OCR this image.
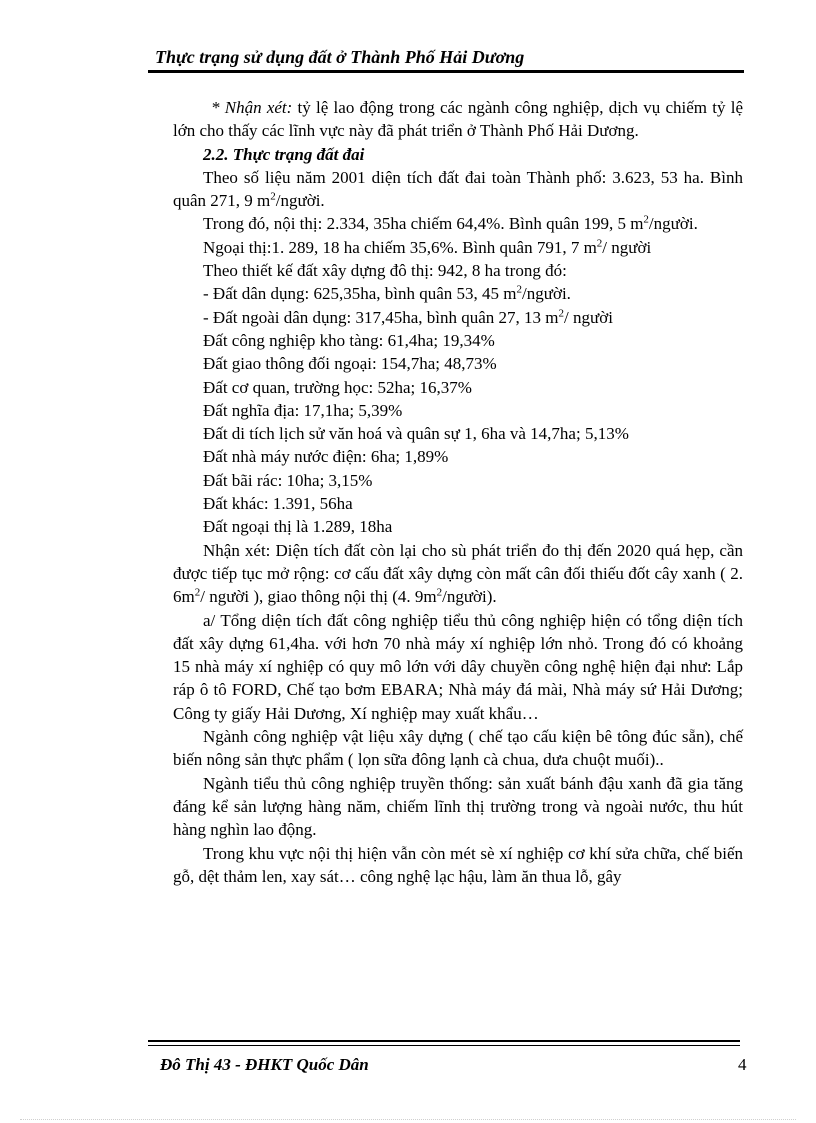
Thực trạng sử dụng đất ở Thành Phố Hải Dương

* Nhận xét: tỷ lệ lao động trong các ngành công nghiệp, dịch vụ chiếm tỷ lệ lớn cho thấy các lĩnh vực này đã phát triển ở Thành Phố Hải Dương.

2.2. Thực trạng đất đai

Theo số liệu năm 2001 diện tích đất đai toàn Thành phố: 3.623, 53 ha. Bình quân 271, 9 $m^2$/người.

Trong đó, nội thị: 2.334, 35ha chiếm 64,4%. Bình quân 199, 5 $m^2$/người.

Ngoại thị:1. 289, 18 ha chiếm 35,6%. Bình quân 791, 7 $m^2/$ người

Theo thiết kế đất xây dựng đô thị: 942, 8 ha trong đó:

- Đất dân dụng: 625,35ha, bình quân 53, 45 $m^2$/người.

- Đất ngoài dân dụng: 317,45ha, bình quân 27, 13 $m^2/$ người

Đất công nghiệp kho tàng: 61,4ha; 19,34%

Đất giao thông đối ngoại: 154,7ha; 48,73%

Đất cơ quan, trường học: 52ha; 16,37%

Đất nghĩa địa: 17,1ha; 5,39%

Đất di tích lịch sử văn hoá và quân sự 1, 6ha và 14,7ha; 5,13%

Đất nhà máy nước điện: 6ha; 1,89%

Đất bãi rác: 10ha; 3,15%

Đất khác: 1.391, 56ha

Đất ngoại thị là 1.289, 18ha

Nhận xét: Diện tích đất còn lại cho sù phát triển đo thị đến 2020 quá hẹp, cần được tiếp tục mở rộng: cơ cấu đất xây dựng còn mất cân đối thiếu đốt cây xanh ( 2. $6m^2/$ người ), giao thông nội thị (4. $9m^2/người$).

a/ Tổng diện tích đất công nghiệp tiểu thủ công nghiệp hiện có tổng diện tích đất xây dựng 61,4ha. với hơn 70 nhà máy xí nghiệp lớn nhỏ. Trong đó có khoảng 15 nhà máy xí nghiệp có quy mô lớn với dây chuyền công nghệ hiện đại như: Lắp ráp ô tô FORD, Chế tạo bơm EBARA; Nhà máy đá mài, Nhà máy sứ Hải Dương; Công ty giấy Hải Dương, Xí nghiệp may xuất khẩu…

Ngành công nghiệp vật liệu xây dựng ( chế tạo cấu kiện bê tông đúc sẵn), chế biến nông sản thực phẩm ( lọn sữa đông lạnh cà chua, dưa chuột muối)..

Ngành tiểu thủ công nghiệp truyền thống: sản xuất bánh đậu xanh đã gia tăng đáng kể sản lượng hàng năm, chiếm lĩnh thị trường trong và ngoài nước, thu hút hàng nghìn lao động.

Trong khu vực nội thị hiện vẫn còn mét sè xí nghiệp cơ khí sửa chữa, chế biến gỗ, dệt thảm len, xay sát… công nghệ lạc hậu, làm ăn thua lỗ, gây

Đô Thị 43 - ĐHKT Quốc Dân	4
